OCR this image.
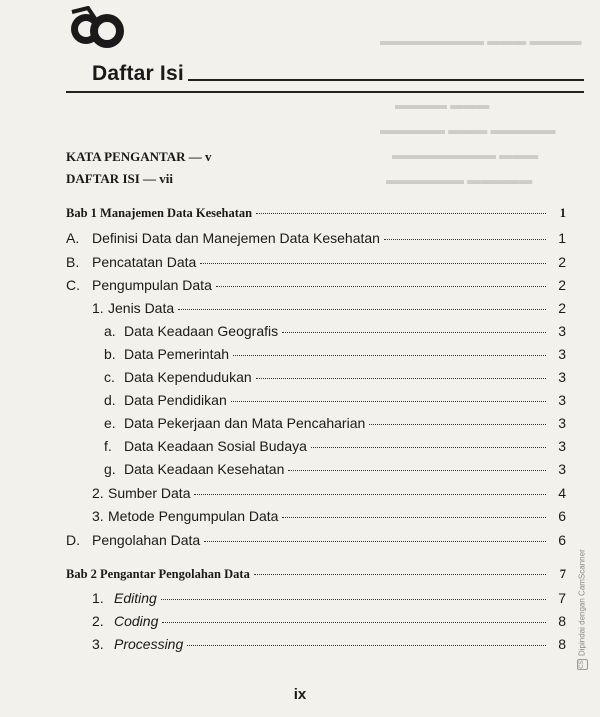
▬▬▬▬▬▬▬▬ ▬▬▬ ▬▬▬▬
▬▬▬▬ ▬▬▬
▬▬▬▬▬ ▬▬▬ ▬▬▬▬▬
▬▬▬▬▬▬▬▬ ▬▬▬
▬▬▬▬▬▬ ▬▬▬▬▬
Daftar Isi
KATA PENGANTAR — v
DAFTAR ISI — vii
Bab 1 Manajemen Data Kesehatan	1
A. Definisi Data dan Manejemen Data Kesehatan	1
B. Pencatatan Data	2
C. Pengumpulan Data	2
1. Jenis Data	2
a. Data Keadaan Geografis	3
b. Data Pemerintah	3
c. Data Kependudukan	3
d. Data Pendidikan	3
e. Data Pekerjaan dan Mata Pencaharian	3
f. Data Keadaan Sosial Budaya	3
g. Data Keadaan Kesehatan	3
2. Sumber Data	4
3. Metode Pengumpulan Data	6
D. Pengolahan Data	6
Bab 2 Pengantar Pengolahan Data	7
1. Editing	7
2. Coding	8
3. Processing	8
ix
CSDipindai dengan CamScanner
